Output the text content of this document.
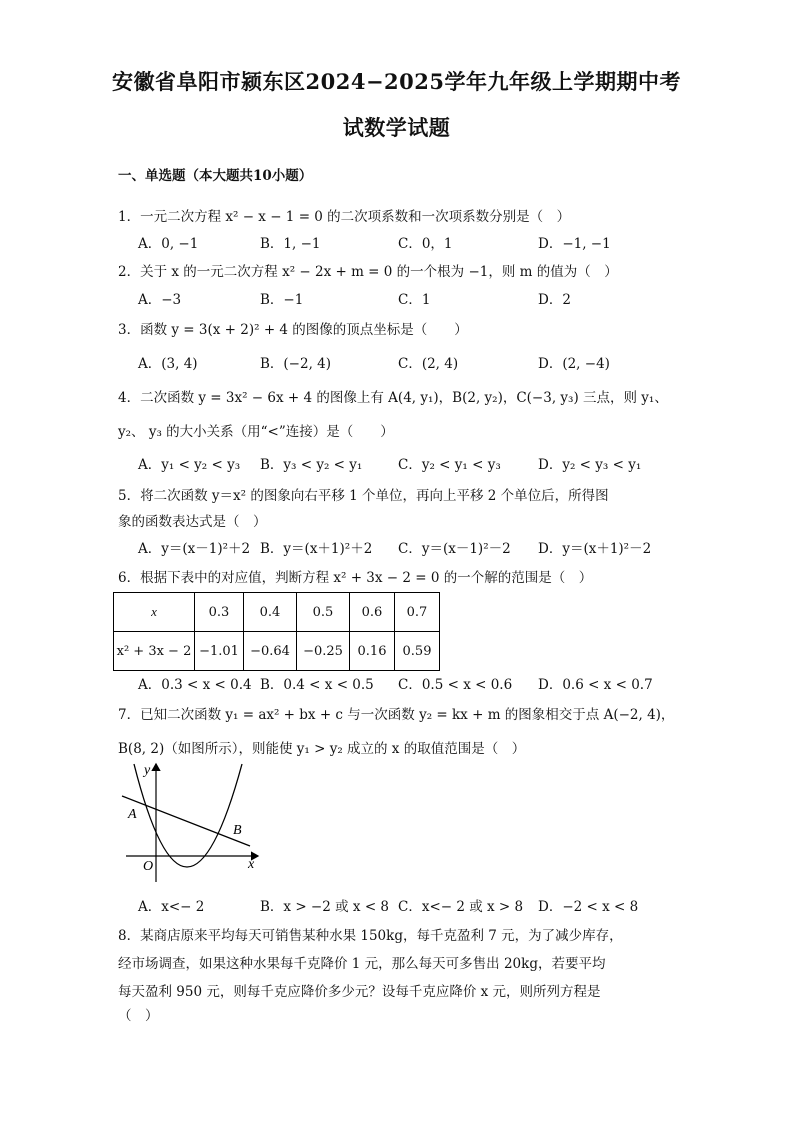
安徽省阜阳市颍东区2024−2025学年九年级上学期期中考
试数学试题
一、单选题（本大题共10小题）
1．一元二次方程 x² − x − 1 = 0 的二次项系数和一次项系数分别是（　）
A．0, −1	B．1, −1	C．0，1	D．−1, −1
2．关于 x 的一元二次方程 x² − 2x + m = 0 的一个根为 −1，则 m 的值为（　）
A．−3	B．−1	C．1	D．2
3．函数 y = 3(x + 2)² + 4 的图像的顶点坐标是（　　）
A．(3, 4)	B．(−2, 4)	C．(2, 4)	D．(2, −4)
4．二次函数 y = 3x² − 6x + 4 的图像上有 A(4, y₁)，B(2, y₂)，C(−3, y₃) 三点，则 y₁、
y₂、 y₃ 的大小关系（用“<”连接）是（　　）
A．y₁ < y₂ < y₃ B．y₃ < y₂ < y₁	C．y₂ < y₁ < y₃	D．y₂ < y₃ < y₁
5．将二次函数 y＝x² 的图象向右平移 1 个单位，再向上平移 2 个单位后，所得图
象的函数表达式是（　）
A．y＝(x－1)²＋2 B．y＝(x＋1)²＋2 C．y＝(x－1)²－2 D．y＝(x＋1)²－2
6．根据下表中的对应值，判断方程 x² + 3x − 2 = 0 的一个解的范围是（　）
x	0.3	0.4	0.5	0.6	0.7
x² + 3x − 2	−1.01	−0.64	−0.25	0.16	0.59
A．0.3 < x < 0.4 B．0.4 < x < 0.5 C．0.5 < x < 0.6 D．0.6 < x < 0.7
7．已知二次函数 y₁ = ax² + bx + c 与一次函数 y₂ = kx + m 的图象相交于点 A(−2, 4)，
B(8, 2)（如图所示），则能使 y₁ > y₂ 成立的 x 的取值范围是（　）
y
x
O
A
B
A．x<− 2	B．x > −2 或 x < 8 C．x<− 2 或 x > 8 D．−2 < x < 8
8．某商店原来平均每天可销售某种水果 150kg，每千克盈利 7 元，为了减少库存，
经市场调查，如果这种水果每千克降价 1 元，那么每天可多售出 20kg，若要平均
每天盈利 950 元，则每千克应降价多少元？设每千克应降价 x 元，则所列方程是
（　）
